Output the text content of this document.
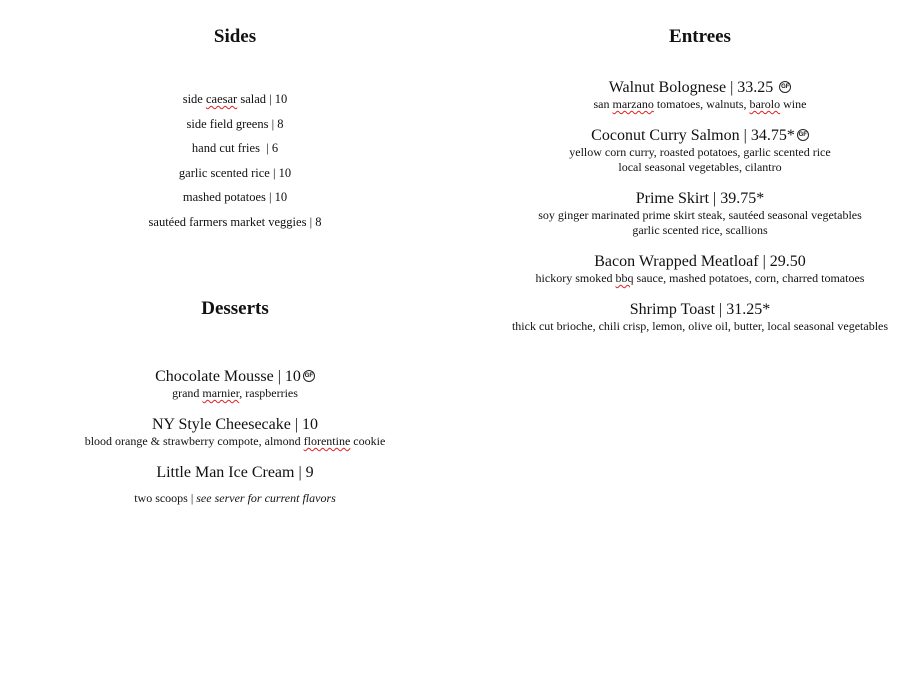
Sides
side caesar salad | 10
side field greens | 8
hand cut fries  | 6
garlic scented rice | 10
mashed potatoes | 10
sautéed farmers market veggies | 8
Desserts
Chocolate Mousse | 10 GF
grand marnier, raspberries
NY Style Cheesecake | 10
blood orange & strawberry compote, almond florentine cookie
Little Man Ice Cream | 9
two scoops | see server for current flavors
Entrees
Walnut Bolognese | 33.25 GF
san marzano tomatoes, walnuts, barolo wine
Coconut Curry Salmon | 34.75* GF
yellow corn curry, roasted potatoes, garlic scented rice
local seasonal vegetables, cilantro
Prime Skirt | 39.75*
soy ginger marinated prime skirt steak, sautéed seasonal vegetables
garlic scented rice, scallions
Bacon Wrapped Meatloaf | 29.50
hickory smoked bbq sauce, mashed potatoes, corn, charred tomatoes
Shrimp Toast | 31.25*
thick cut brioche, chili crisp, lemon, olive oil, butter, local seasonal vegetables
